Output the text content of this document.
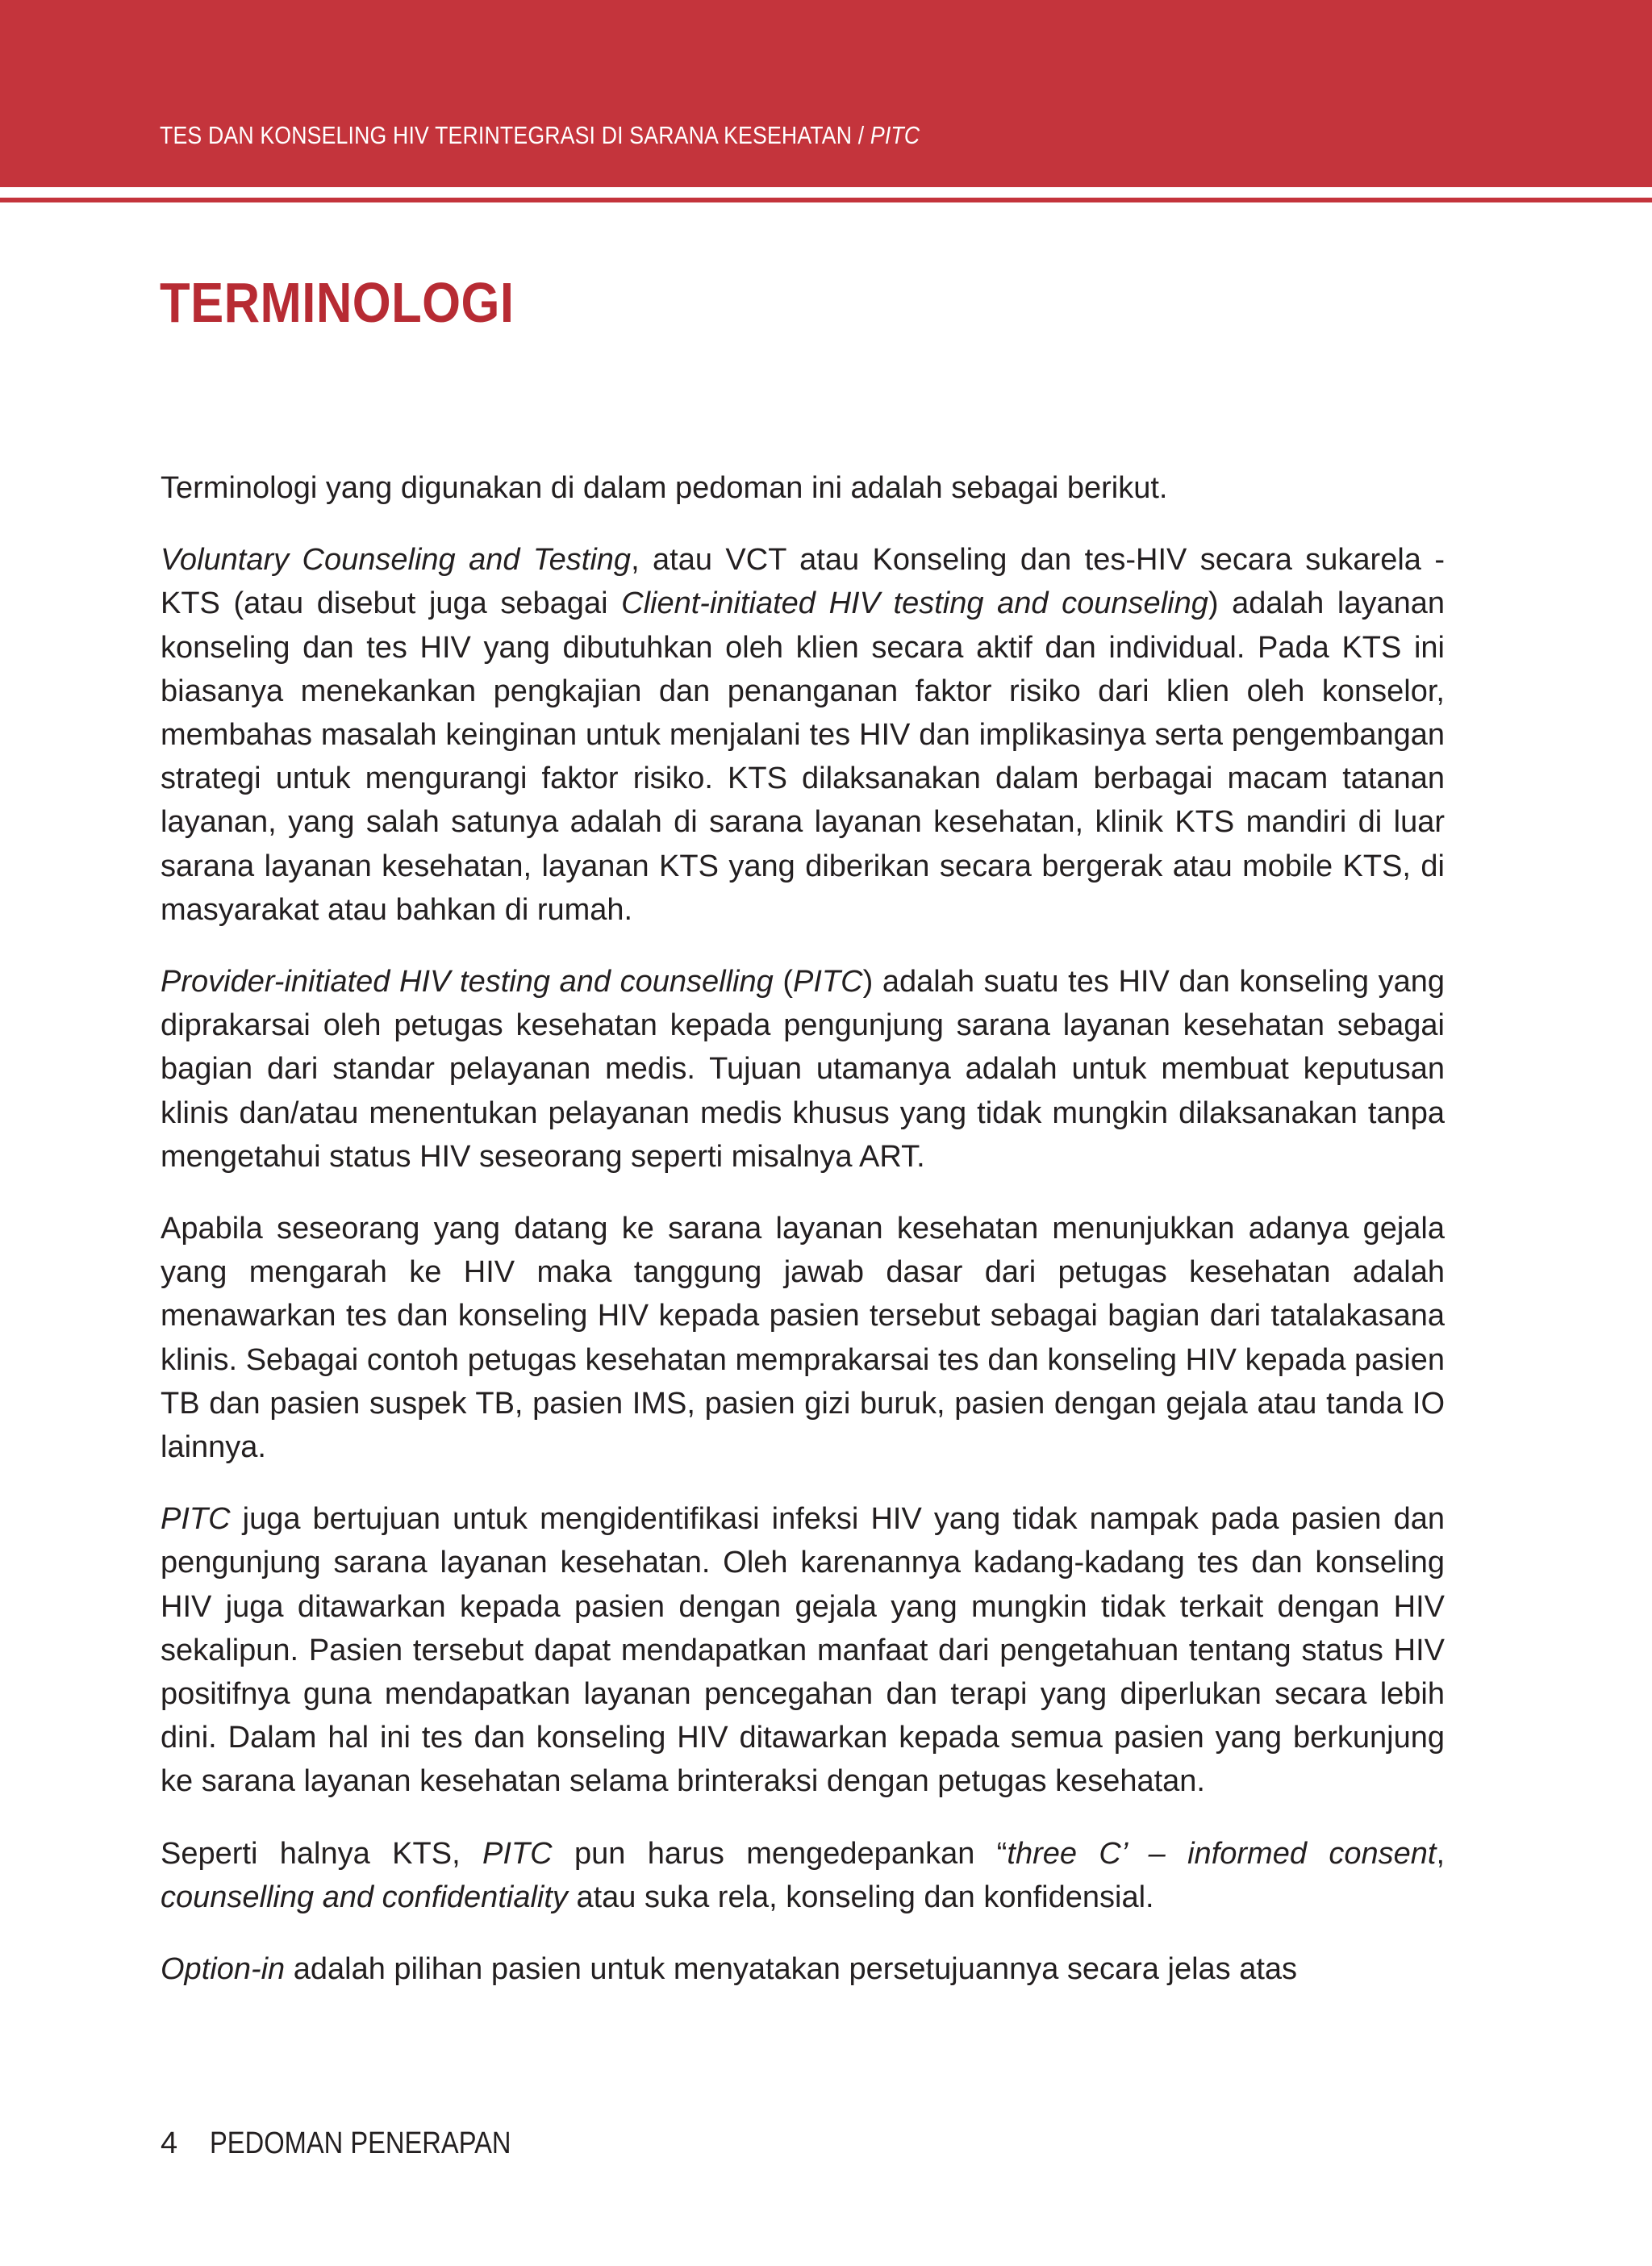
TES DAN KONSELING HIV TERINTEGRASI DI SARANA KESEHATAN / PITC
TERMINOLOGI

Terminologi yang digunakan di dalam pedoman ini adalah sebagai berikut.

Voluntary Counseling and Testing, atau VCT atau Konseling dan tes-HIV secara sukarela - KTS (atau disebut juga sebagai Client-initiated HIV testing and counseling) adalah layanan konseling dan tes HIV yang dibutuhkan oleh klien secara aktif dan individual. Pada KTS ini biasanya menekankan pengkajian dan penanganan faktor risiko dari klien oleh konselor, membahas masalah keinginan untuk menjalani tes HIV dan implikasinya serta pengembangan strategi untuk mengurangi faktor risiko. KTS dilaksanakan dalam berbagai macam tatanan layanan, yang salah satunya adalah di sarana layanan kesehatan, klinik KTS mandiri di luar sarana layanan kesehatan, layanan KTS yang diberikan secara bergerak atau mobile KTS, di masyarakat atau bahkan di rumah.

Provider-initiated HIV testing and counselling (PITC) adalah suatu tes HIV dan konseling yang diprakarsai oleh petugas kesehatan kepada pengunjung sarana layanan kesehatan sebagai bagian dari standar pelayanan medis. Tujuan utamanya adalah untuk membuat keputusan klinis dan/atau menentukan pelayanan medis khusus yang tidak mungkin dilaksanakan tanpa mengetahui status HIV seseorang seperti misalnya ART.

Apabila seseorang yang datang ke sarana layanan kesehatan menunjukkan adanya gejala yang mengarah ke HIV maka tanggung jawab dasar dari petugas kesehatan adalah menawarkan tes dan konseling HIV kepada pasien tersebut sebagai bagian dari tatalakasana klinis. Sebagai contoh petugas kesehatan memprakarsai tes dan konseling HIV kepada pasien TB dan pasien suspek TB, pasien IMS, pasien gizi buruk, pasien dengan gejala atau tanda IO lainnya.

PITC juga bertujuan untuk mengidentifikasi infeksi HIV yang tidak nampak pada pasien dan pengunjung sarana layanan kesehatan. Oleh karenannya kadang-kadang tes dan konseling HIV juga ditawarkan kepada pasien dengan gejala yang mungkin tidak terkait dengan HIV sekalipun. Pasien tersebut dapat mendapatkan manfaat dari pengetahuan tentang status HIV positifnya guna mendapatkan layanan pencegahan dan terapi yang diperlukan secara lebih dini. Dalam hal ini tes dan konseling HIV ditawarkan kepada semua pasien yang berkunjung ke sarana layanan kesehatan selama brinteraksi dengan petugas kesehatan.

Seperti halnya KTS, PITC pun harus mengedepankan “three C’ – informed consent, counselling and confidentiality atau suka rela, konseling dan konfidensial.

Option-in adalah pilihan pasien untuk menyatakan persetujuannya secara jelas atas

4 PEDOMAN PENERAPAN
